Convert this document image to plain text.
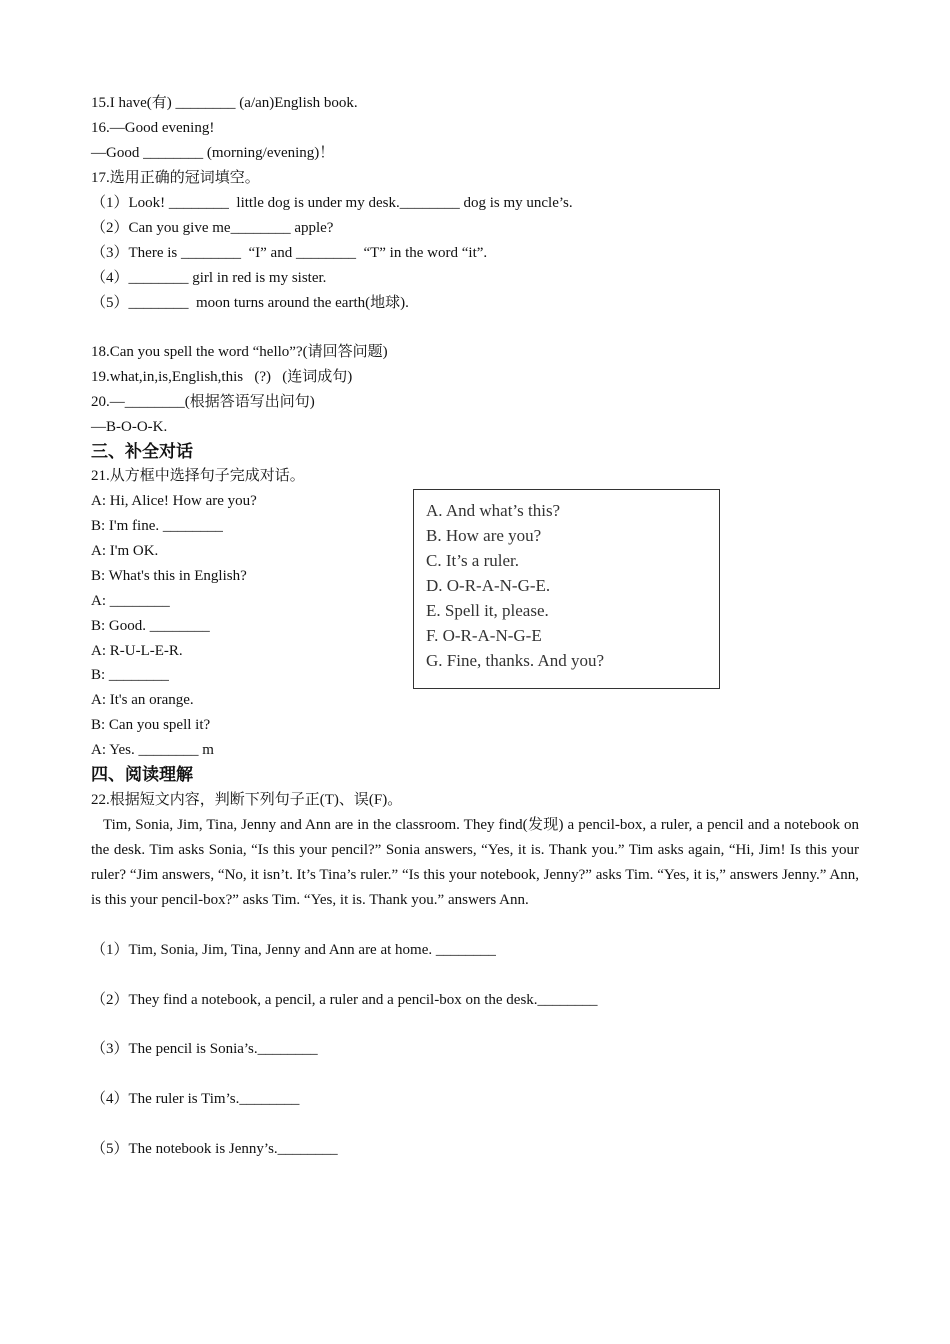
15.I have(有) ________ (a/an)English book.
16.—Good evening!
—Good ________ (morning/evening)！
17.选用正确的冠词填空。
（1）Look! ________  little dog is under my desk.________ dog is my uncle’s.
（2）Can you give me________ apple?
（3）There is ________  “I” and ________  “T” in the word “it”.
（4）________ girl in red is my sister.
（5）________  moon turns around the earth(地球).
18.Can you spell the word “hello”?(请回答问题)
19.what,in,is,English,this   (?)   (连词成句)
20.—________(根据答语写出问句)
—B-O-O-K.
三、补全对话
21.从方框中选择句子完成对话。
A: Hi, Alice! How are you?
B: I'm fine. ________
A: I'm OK.
B: What's this in English?
A: ________
B: Good. ________
A: R-U-L-E-R.
B: ________
A: It's an orange.
B: Can you spell it?
A: Yes. ________ m
A. And what’s this?
B. How are you?
C. It’s a ruler.
D. O-R-A-N-G-E.
E. Spell it, please.
F. O-R-A-N-G-E
G. Fine, thanks. And you?
四、阅读理解
22.根据短文内容，判断下列句子正(T)、误(F)。
Tim, Sonia, Jim, Tina, Jenny and Ann are in the classroom. They find(发现) a pencil-box, a ruler, a pencil and a notebook on the desk. Tim asks Sonia, “Is this your pencil?” Sonia answers, “Yes, it is. Thank you.” Tim asks again, “Hi, Jim! Is this your ruler? “Jim answers, “No, it isn’t. It’s Tina’s ruler.” “Is this your notebook, Jenny?” asks Tim. “Yes, it is,” answers Jenny.” Ann, is this your pencil-box?” asks Tim. “Yes, it is. Thank you.” answers Ann.
（1）Tim, Sonia, Jim, Tina, Jenny and Ann are at home. ________
（2）They find a notebook, a pencil, a ruler and a pencil-box on the desk.________
（3）The pencil is Sonia’s.________
（4）The ruler is Tim’s.________
（5）The notebook is Jenny’s.________
